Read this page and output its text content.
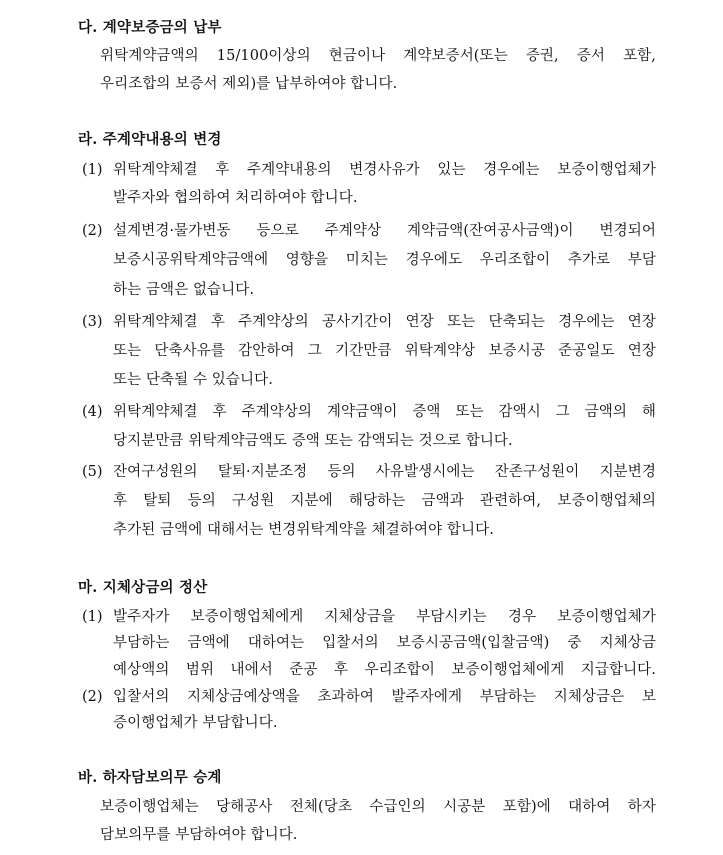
다. 계약보증금의 납부
위탁계약금액의 15/100이상의 현금이나 계약보증서(또는 증권, 증서 포함,
우리조합의 보증서 제외)를 납부하여야 합니다.
라. 주계약내용의 변경
(1) 위탁계약체결 후 주계약내용의 변경사유가 있는 경우에는 보증이행업체가
발주자와 협의하여 처리하여야 합니다.
(2) 설계변경·물가변동 등으로 주계약상 계약금액(잔여공사금액)이 변경되어
보증시공위탁계약금액에 영향을 미치는 경우에도 우리조합이 추가로 부담
하는 금액은 없습니다.
(3) 위탁계약체결 후 주계약상의 공사기간이 연장 또는 단축되는 경우에는 연장
또는 단축사유를 감안하여 그 기간만큼 위탁계약상 보증시공 준공일도 연장
또는 단축될 수 있습니다.
(4) 위탁계약체결 후 주계약상의 계약금액이 증액 또는 감액시 그 금액의 해
당지분만큼 위탁계약금액도 증액 또는 감액되는 것으로 합니다.
(5) 잔여구성원의 탈퇴·지분조정 등의 사유발생시에는 잔존구성원이 지분변경
후 탈퇴 등의 구성원 지분에 해당하는 금액과 관련하여, 보증이행업체의
추가된 금액에 대해서는 변경위탁계약을 체결하여야 합니다.
마. 지체상금의 정산
(1) 발주자가 보증이행업체에게 지체상금을 부담시키는 경우 보증이행업체가
부담하는 금액에 대하여는 입찰서의 보증시공금액(입찰금액) 중 지체상금
예상액의 범위 내에서 준공 후 우리조합이 보증이행업체에게 지급합니다.
(2) 입찰서의 지체상금예상액을 초과하여 발주자에게 부담하는 지체상금은 보
증이행업체가 부담합니다.
바. 하자담보의무 승계
보증이행업체는 당해공사 전체(당초 수급인의 시공분 포함)에 대하여 하자
담보의무를 부담하여야 합니다.
